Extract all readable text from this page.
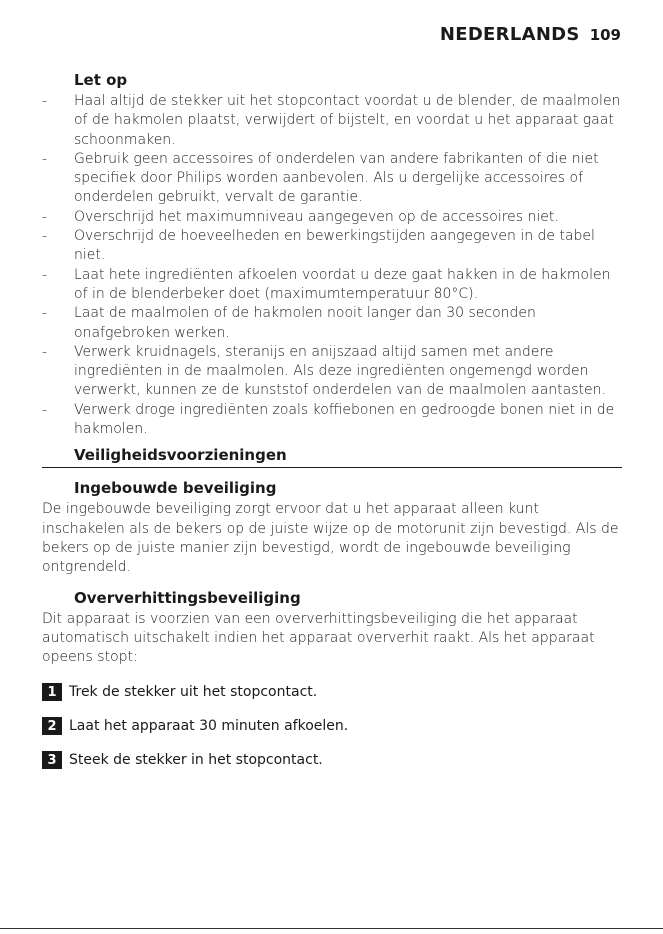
NEDERLANDS 109
Let op
- Haal altijd de stekker uit het stopcontact voordat u de blender, de maalmolen of de hakmolen plaatst, verwijdert of bijstelt, en voordat u het apparaat gaat schoonmaken.
- Gebruik geen accessoires of onderdelen van andere fabrikanten of die niet specifiek door Philips worden aanbevolen. Als u dergelijke accessoires of onderdelen gebruikt, vervalt de garantie.
- Overschrijd het maximumniveau aangegeven op de accessoires niet.
- Overschrijd de hoeveelheden en bewerkingstijden aangegeven in de tabel niet.
- Laat hete ingrediënten afkoelen voordat u deze gaat hakken in de hakmolen of in de blenderbeker doet (maximumtemperatuur 80°C).
- Laat de maalmolen of de hakmolen nooit langer dan 30 seconden onafgebroken werken.
- Verwerk kruidnagels, steranijs en anijszaad altijd samen met andere ingrediënten in de maalmolen. Als deze ingrediënten ongemengd worden verwerkt, kunnen ze de kunststof onderdelen van de maalmolen aantasten.
- Verwerk droge ingrediënten zoals koffiebonen en gedroogde bonen niet in de hakmolen.
Veiligheidsvoorzieningen
Ingebouwde beveiliging

De ingebouwde beveiliging zorgt ervoor dat u het apparaat alleen kunt inschakelen als de bekers op de juiste wijze op de motorunit zijn bevestigd. Als de bekers op de juiste manier zijn bevestigd, wordt de ingebouwde beveiliging ontgrendeld.

Oververhittingsbeveiliging

Dit apparaat is voorzien van een oververhittingsbeveiliging die het apparaat automatisch uitschakelt indien het apparaat oververhit raakt. Als het apparaat opeens stopt:

1 Trek de stekker uit het stopcontact.
2 Laat het apparaat 30 minuten afkoelen.
3 Steek de stekker in het stopcontact.
